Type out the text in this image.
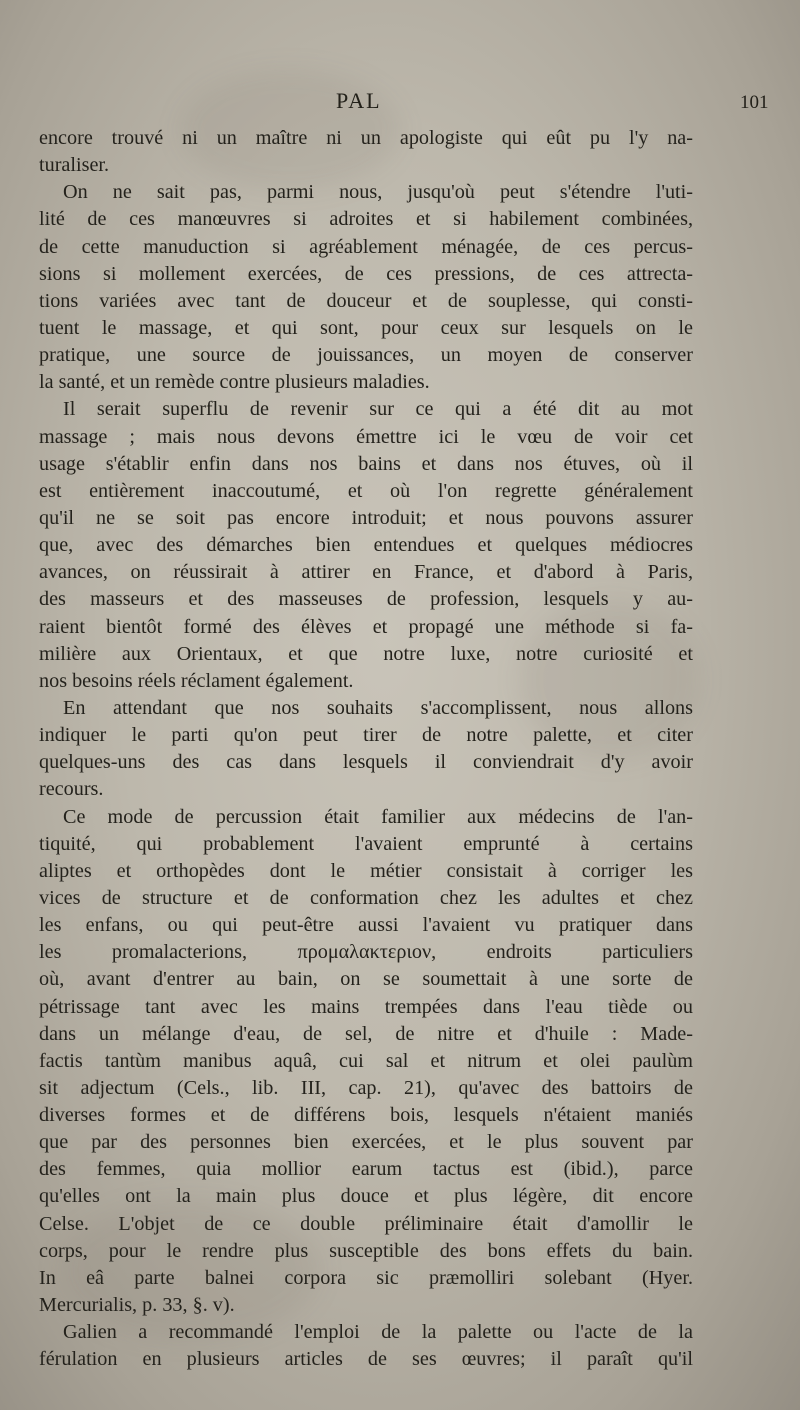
PAL	101
encore trouvé ni un maître ni un apologiste qui eût pu l'y na-
turaliser.
On ne sait pas, parmi nous, jusqu'où peut s'étendre l'uti-
lité de ces manœuvres si adroites et si habilement combinées,
de cette manuduction si agréablement ménagée, de ces percus-
sions si mollement exercées, de ces pressions, de ces attrecta-
tions variées avec tant de douceur et de souplesse, qui consti-
tuent le massage, et qui sont, pour ceux sur lesquels on le
pratique, une source de jouissances, un moyen de conserver
la santé, et un remède contre plusieurs maladies.
Il serait superflu de revenir sur ce qui a été dit au mot
massage ; mais nous devons émettre ici le vœu de voir cet
usage s'établir enfin dans nos bains et dans nos étuves, où il
est entièrement inaccoutumé, et où l'on regrette généralement
qu'il ne se soit pas encore introduit; et nous pouvons assurer
que, avec des démarches bien entendues et quelques médiocres
avances, on réussirait à attirer en France, et d'abord à Paris,
des masseurs et des masseuses de profession, lesquels y au-
raient bientôt formé des élèves et propagé une méthode si fa-
milière aux Orientaux, et que notre luxe, notre curiosité et
nos besoins réels réclament également.
En attendant que nos souhaits s'accomplissent, nous allons
indiquer le parti qu'on peut tirer de notre palette, et citer
quelques-uns des cas dans lesquels il conviendrait d'y avoir
recours.
Ce mode de percussion était familier aux médecins de l'an-
tiquité, qui probablement l'avaient emprunté à certains
aliptes et orthopèdes dont le métier consistait à corriger les
vices de structure et de conformation chez les adultes et chez
les enfans, ou qui peut-être aussi l'avaient vu pratiquer dans
les promalacterions, προμαλακτεριον, endroits particuliers
où, avant d'entrer au bain, on se soumettait à une sorte de
pétrissage tant avec les mains trempées dans l'eau tiède ou
dans un mélange d'eau, de sel, de nitre et d'huile : Made-
factis tantùm manibus aquâ, cui sal et nitrum et olei paulùm
sit adjectum (Cels., lib. III, cap. 21), qu'avec des battoirs de
diverses formes et de différens bois, lesquels n'étaient maniés
que par des personnes bien exercées, et le plus souvent par
des femmes, quia mollior earum tactus est (ibid.), parce
qu'elles ont la main plus douce et plus légère, dit encore
Celse. L'objet de ce double préliminaire était d'amollir le
corps, pour le rendre plus susceptible des bons effets du bain.
In eâ parte balnei corpora sic præmolliri solebant (Hyer.
Mercurialis, p. 33, §. v).
Galien a recommandé l'emploi de la palette ou l'acte de la
férulation en plusieurs articles de ses œuvres; il paraît qu'il
